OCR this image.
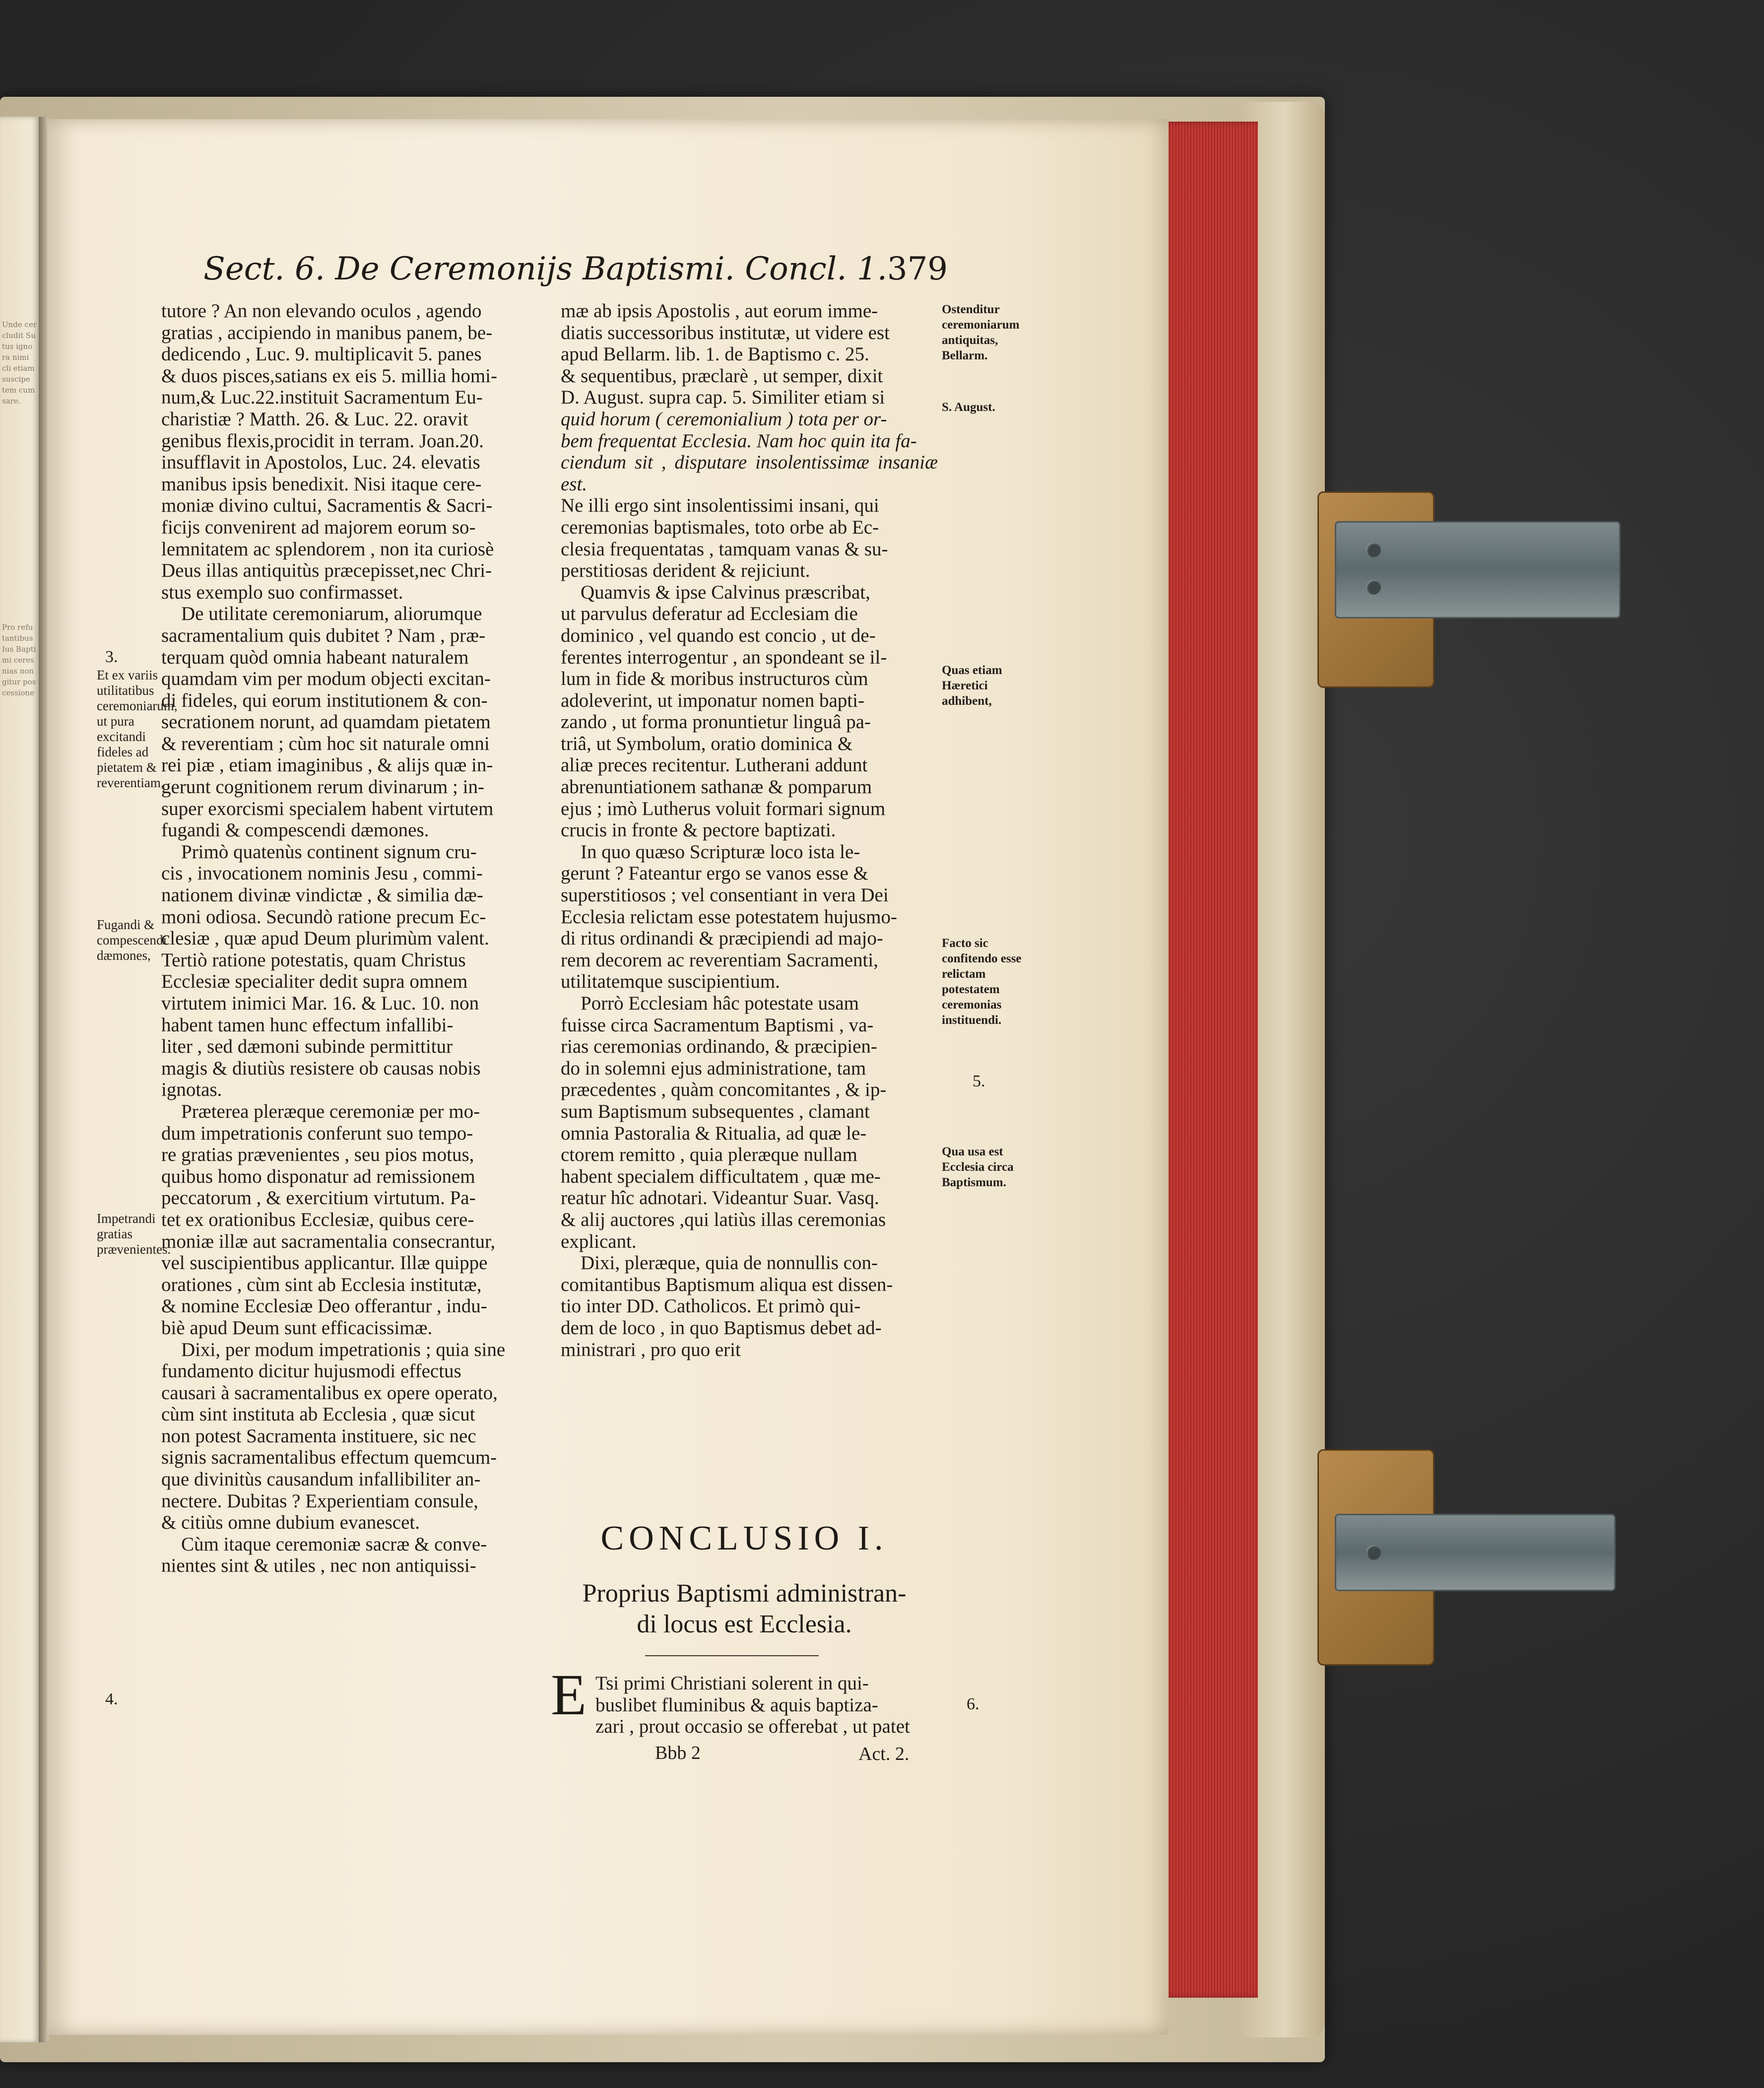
Unde cer
cludit Su
tus igno
ra nimi
cli etiam
suscipe
tem cum
sare.
Pro refu
tantibus
Ius Bapti
mi ceres
nias non
gitur pos
cessione
Sect. 6. De Ceremonijs Baptismi. Concl. 1. 379
3.
Et ex variis utilitatibus ceremoniarum, ut pura excitandi fideles ad pietatem & reverentiam,
Fugandi & compescendi dæmones,
Impetrandi gratias prævenientes.
4.
Ostenditur ceremoniarum antiquitas, Bellarm.
S. August.
Quas etiam Hæretici adhibent,
Facto sic confitendo esse relictam potestatem ceremonias instituendi.
5.
Qua usa est Ecclesia circa Baptismum.
6.

tutore ? An non elevando oculos , agendo

gratias , accipiendo in manibus panem, be-

dedicendo , Luc. 9. multiplicavit 5. panes

& duos pisces,satians ex eis 5. millia homi-

num,& Luc.22.instituit Sacramentum Eu-

charistiæ ? Matth. 26. & Luc. 22. oravit

genibus flexis,procidit in terram. Joan.20.

insufflavit in Apostolos, Luc. 24. elevatis

manibus ipsis benedixit. Nisi itaque cere-

moniæ divino cultui, Sacramentis & Sacri-

ficijs convenirent ad majorem eorum so-

lemnitatem ac splendorem , non ita curiosè

Deus illas antiquitùs præcepisset,nec Chri-

stus exemplo suo confirmasset.

De utilitate ceremoniarum, aliorumque

sacramentalium quis dubitet ? Nam , præ-

terquam quòd omnia habeant naturalem

quamdam vim per modum objecti excitan-

di fideles, qui eorum institutionem & con-

secrationem norunt, ad quamdam pietatem

& reverentiam ; cùm hoc sit naturale omni

rei piæ , etiam imaginibus , & alijs quæ in-

gerunt cognitionem rerum divinarum ; in-

super exorcismi specialem habent virtutem

fugandi & compescendi dæmones.

Primò quatenùs continent signum cru-

cis , invocationem nominis Jesu , commi-

nationem divinæ vindictæ , & similia dæ-

moni odiosa. Secundò ratione precum Ec-

clesiæ , quæ apud Deum plurimùm valent.

Tertiò ratione potestatis, quam Christus

Ecclesiæ specialiter dedit supra omnem

virtutem inimici Mar. 16. & Luc. 10. non

habent tamen hunc effectum infallibi-

liter , sed dæmoni subinde permittitur

magis & diutiùs resistere ob causas nobis

ignotas.

Præterea pleræque ceremoniæ per mo-

dum impetrationis conferunt suo tempo-

re gratias prævenientes , seu pios motus,

quibus homo disponatur ad remissionem

peccatorum , & exercitium virtutum. Pa-

tet ex orationibus Ecclesiæ, quibus cere-

moniæ illæ aut sacramentalia consecrantur,

vel suscipientibus applicantur. Illæ quippe

orationes , cùm sint ab Ecclesia institutæ,

& nomine Ecclesiæ Deo offerantur , indu-

biè apud Deum sunt efficacissimæ.

Dixi, per modum impetrationis ; quia sine

fundamento dicitur hujusmodi effectus

causari à sacramentalibus ex opere operato,

cùm sint instituta ab Ecclesia , quæ sicut

non potest Sacramenta instituere, sic nec

signis sacramentalibus effectum quemcum-

que divinitùs causandum infallibiliter an-

nectere. Dubitas ? Experientiam consule,

& citiùs omne dubium evanescet.

Cùm itaque ceremoniæ sacræ & conve-

nientes sint & utiles , nec non antiquissi-

mæ ab ipsis Apostolis , aut eorum imme-

diatis successoribus institutæ, ut videre est

apud Bellarm. lib. 1. de Baptismo c. 25.

& sequentibus, præclarè , ut semper, dixit

D. August. supra cap. 5. Similiter etiam si

quid horum ( ceremonialium ) tota per or-

bem frequentat Ecclesia. Nam hoc quin ita fa-

ciendum sit , disputare insolentissimæ insaniæ est.

Ne illi ergo sint insolentissimi insani, qui

ceremonias baptismales, toto orbe ab Ec-

clesia frequentatas , tamquam vanas & su-

perstitiosas derident & rejiciunt.

Quamvis & ipse Calvinus præscribat,

ut parvulus deferatur ad Ecclesiam die

dominico , vel quando est concio , ut de-

ferentes interrogentur , an spondeant se il-

lum in fide & moribus instructuros cùm

adoleverint, ut imponatur nomen bapti-

zando , ut forma pronuntietur linguâ pa-

triâ, ut Symbolum, oratio dominica &

aliæ preces recitentur. Lutherani addunt

abrenuntiationem sathanæ & pomparum

ejus ; imò Lutherus voluit formari signum

crucis in fronte & pectore baptizati.

In quo quæso Scripturæ loco ista le-

gerunt ? Fateantur ergo se vanos esse &

superstitiosos ; vel consentiant in vera Dei

Ecclesia relictam esse potestatem hujusmo-

di ritus ordinandi & præcipiendi ad majo-

rem decorem ac reverentiam Sacramenti,

utilitatemque suscipientium.

Porrò Ecclesiam hâc potestate usam

fuisse circa Sacramentum Baptismi , va-

rias ceremonias ordinando, & præcipien-

do in solemni ejus administratione, tam

præcedentes , quàm concomitantes , & ip-

sum Baptismum subsequentes , clamant

omnia Pastoralia & Ritualia, ad quæ le-

ctorem remitto , quia pleræque nullam

habent specialem difficultatem , quæ me-

reatur hîc adnotari. Videantur Suar. Vasq.

& alij auctores ,qui latiùs illas ceremonias

explicant.

Dixi, pleræque, quia de nonnullis con-

comitantibus Baptismum aliqua est dissen-

tio inter DD. Catholicos. Et primò qui-

dem de loco , in quo Baptismus debet ad-

ministrari , pro quo erit

CONCLUSIO I.
Proprius Baptismi administran-
di locus est Ecclesia.
E Tsi primi Christiani solerent in qui-

buslibet fluminibus & aquis baptiza-

zari , prout occasio se offerebat , ut patet

Bbb 2	Act. 2.
